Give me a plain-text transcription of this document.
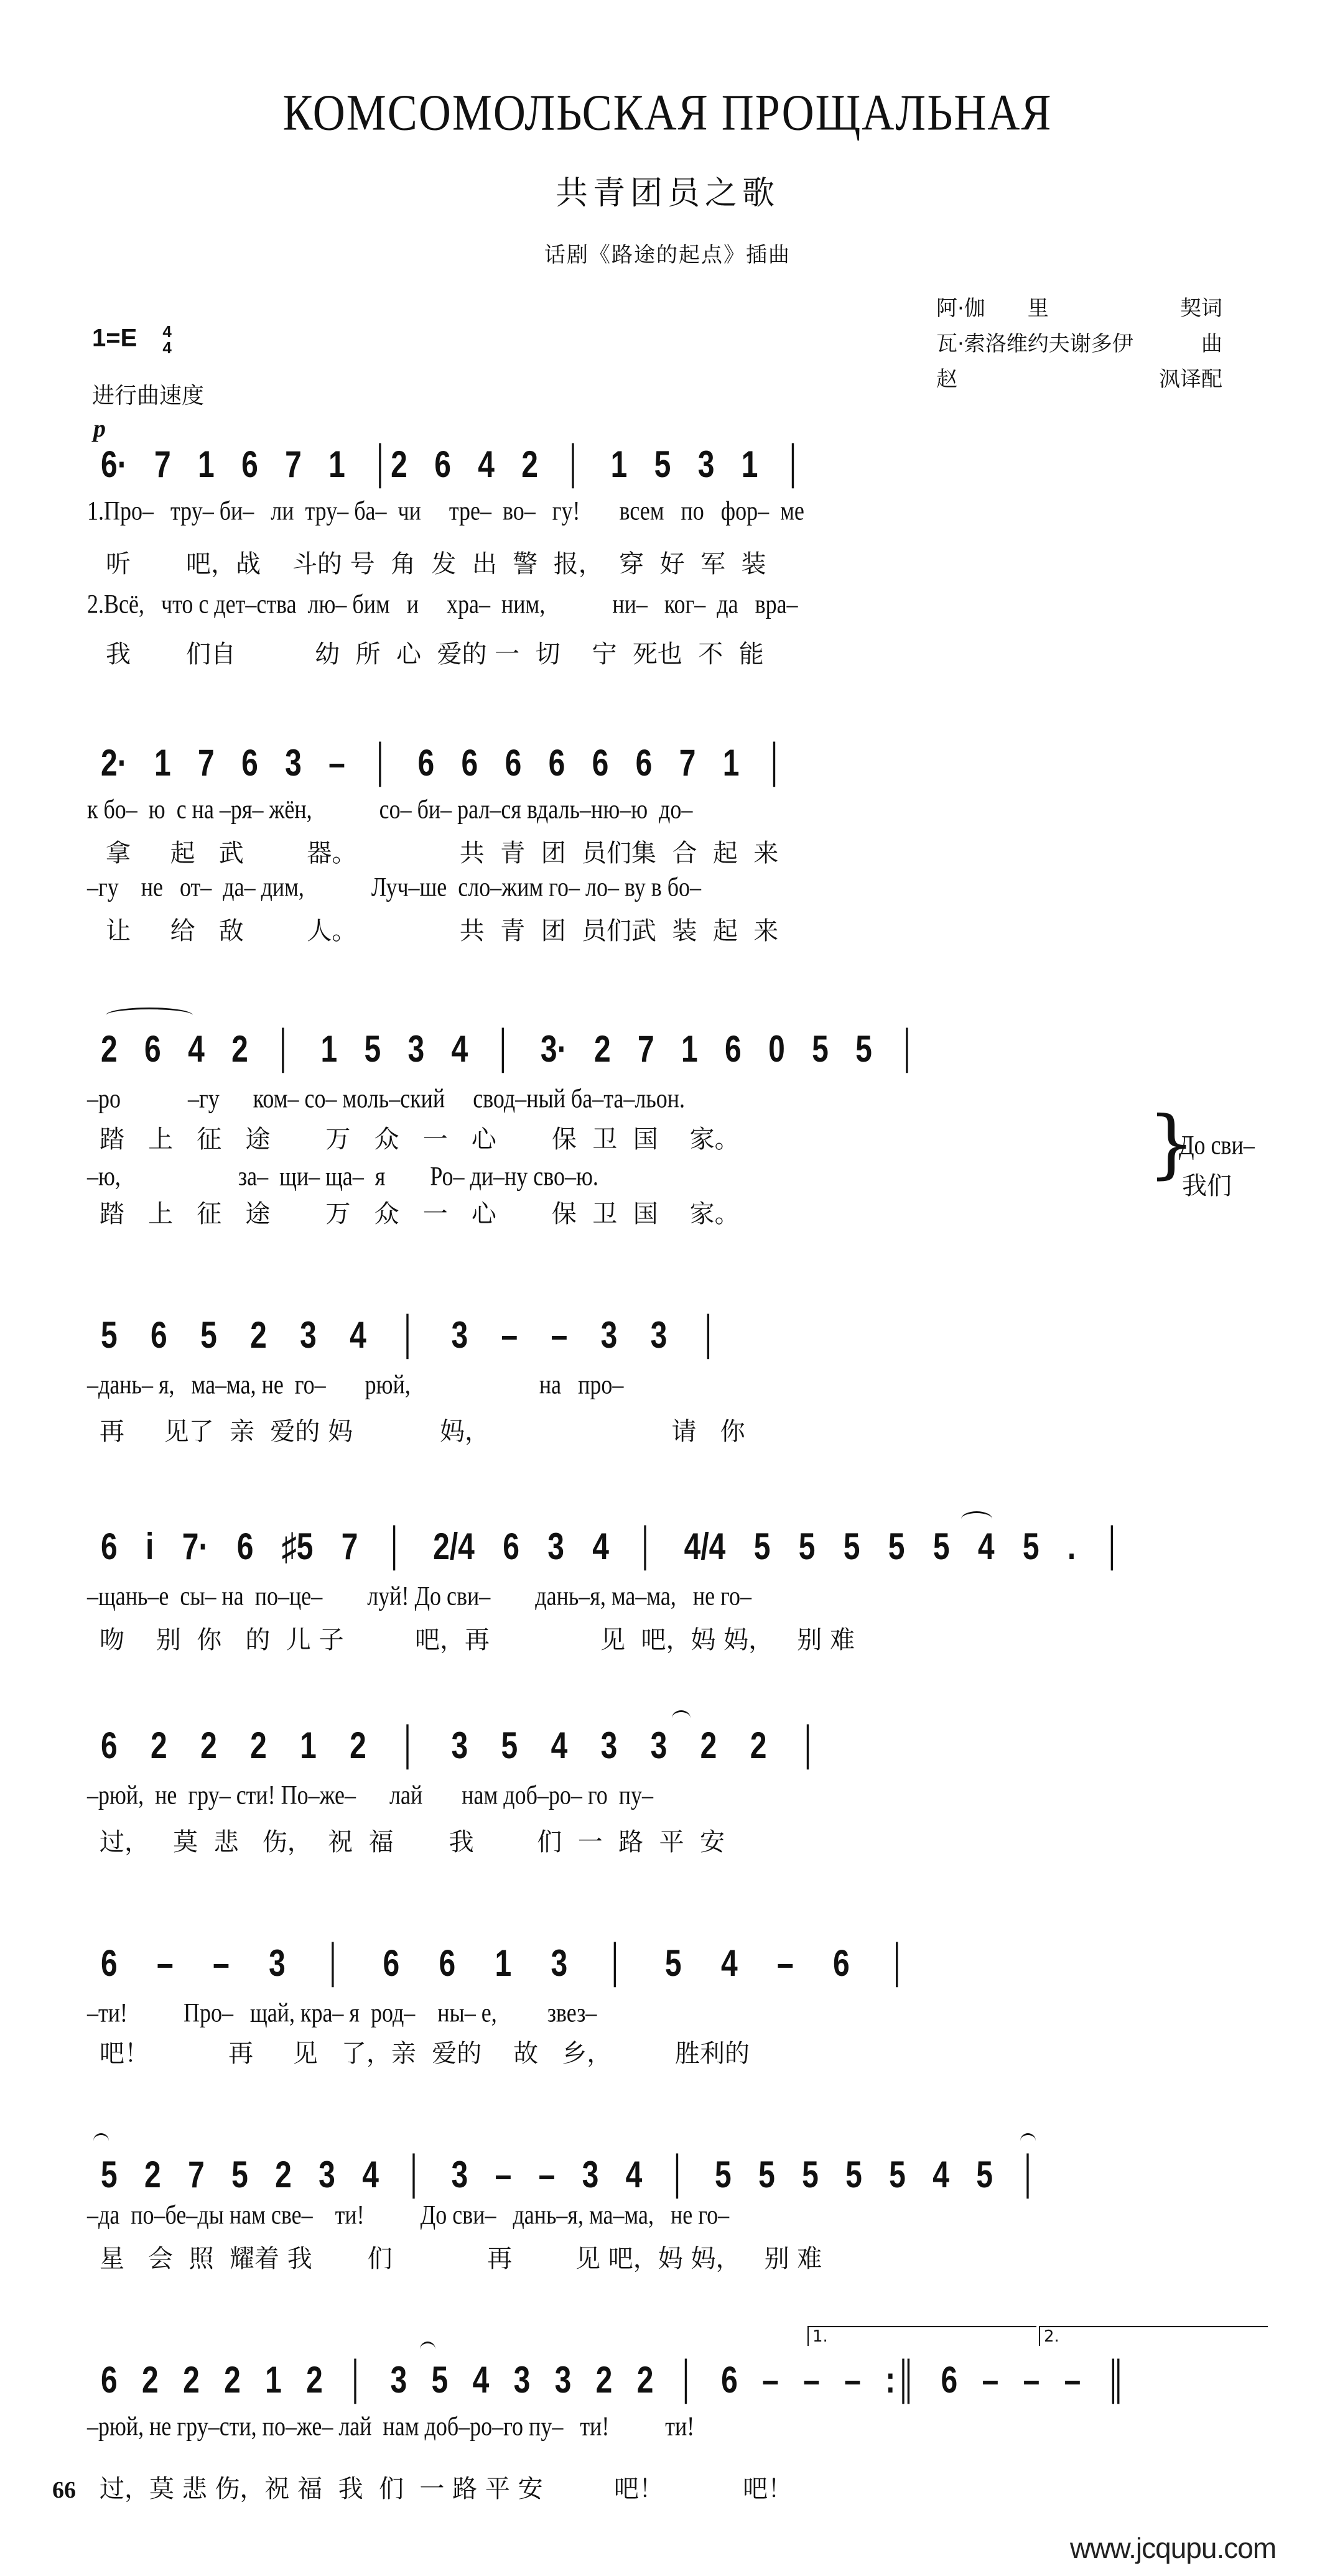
КОМСОМОЛЬСКАЯ ПРОЩАЛЬНАЯ
共青团员之歌
话剧《路途的起点》插曲
1=E 4
4
进行曲速度
p
阿·伽　　里	契词
瓦·索洛维约夫谢多伊	曲
赵	沨译配
6· 7 1 6 7 1 │2 6 4 2 │ 1 5 3 1 │
1.Про–   тру– би–   ли  тру– ба–  чи     тре–  во–   гу!       всем   по   фор–  ме
听       吧，战    斗的 号  角  发  出  警  报，  穿  好  军  装
2.Всё,   что с дет–ства  лю– бим   и     хра–  ним,            ни–   ког–  да   вра–
我       们自          幼  所  心  爱的 一  切    宁  死也  不  能
2· 1 7 6 3 – │ 6 6 6 6 6 6 7 1 │
к бо–  ю  с на –ря– жён,            со– би– рал–ся вдаль–ню–ю  до–
拿     起   武        器。             共  青  团  员们集  合  起  来
–гу    не   от–  да– дим,            Луч–ше  сло–жим го– ло– ву в бо–
让     给   敌        人。             共  青  团  员们武  装  起  来
2 6 4 2 │ 1 5 3 4 │ 3· 2 7 1 6 0 5 5 │
–ро            –гу      ком– со– моль–ский     свод–ный ба–та–льон.
踏   上   征   途       万   众   一   心       保  卫  国    家。
–ю,                     за–  щи– ща–  я        Ро– ди–ну сво–ю.
踏   上   征   途       万   众   一   心       保  卫  国    家。
}
До сви–
我们
5 6 5 2 3 4 │ 3 – – 3 3 │
–дань– я,   ма–ма, не  го–       рюй,                       на   про–
再     见了  亲  爱的 妈           妈，                       请   你
6 i 7· 6 ♯5 7 │ 2/4 6 3 4 │ 4/4 5 5 5 5 5 4 5 . │
–щань–е  сы– на  по–це–        луй! До сви–        дань–я, ма–ма,   не го–
吻    别  你   的  儿 子         吧，再              见  吧，妈 妈，   别 难
6 2 2 2 1 2 │ 3 5 4 3 3 2 2 │
–рюй,  не  гру– сти! По–же–      лай       нам доб–ро– го  пу–
过，   莫  悲   伤，  祝  福       我        们  一  路  平  安
6 – – 3 │ 6 6 1 3 │ 5 4 – 6 │
–ти!          Про–   щай, кра– я  род–    ны– е,         звез–
吧！          再     见   了，亲  爱的    故   乡，        胜利的
5 2 7 5 2 3 4 │ 3 – – 3 4 │ 5 5 5 5 5 4 5 │
–да  по–бе–ды нам све–    ти!          До сви–   дань–я, ма–ма,   не го–
星   会  照  耀着 我       们            再        见 吧，妈 妈，   别 难
1.	2.
6 2 2 2 1 2 │ 3 5 4 3 3 2 2 │ 6 – – – :║ 6 – – – ║
–рюй, не гру–сти, по–же– лай  нам доб–ро–го пу–   ти!          ти!
过，莫 悲 伤，祝 福  我  们  一 路 平 安         吧！          吧！
66
www.jcqupu.com
